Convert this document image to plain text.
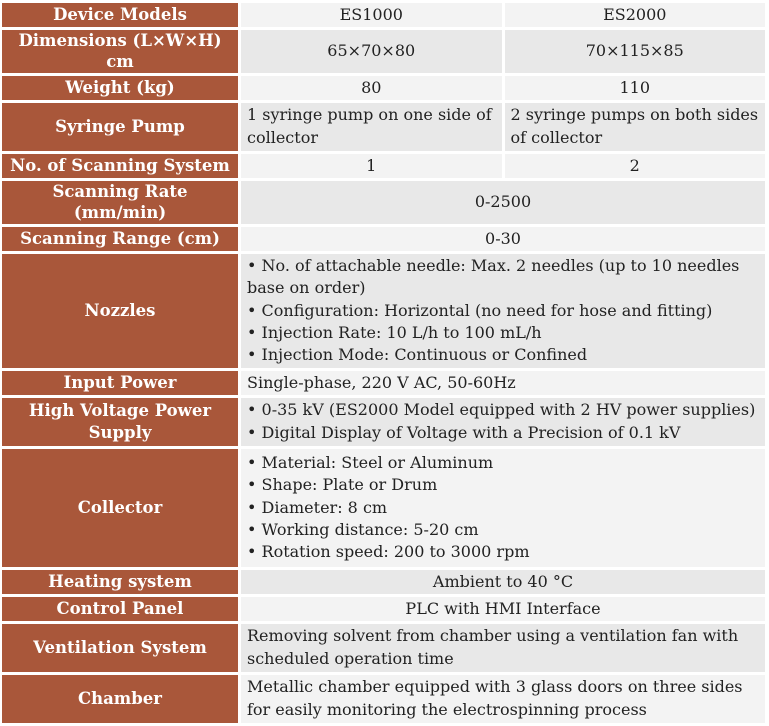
Device Models	ES1000	ES2000
Dimensions (L×W×H) cm	65×70×80	70×115×85
Weight (kg)	80	110
Syringe Pump	1 syringe pump on one side of collector	2 syringe pumps on both sides of collector
No. of Scanning System	1	2
Scanning Rate (mm/min)	0-2500	
Scanning Range (cm)	0-30	
Nozzles	• No. of attachable needle: Max. 2 needles (up to 10 needles base on order)
• Configuration: Horizontal (no need for hose and fitting)
• Injection Rate: 10 L/h to 100 mL/h
• Injection Mode: Continuous or Confined	

Input Power	Single-phase, 220 V AC, 50-60Hz	
High Voltage Power Supply	• 0-35 kV (ES2000 Model equipped with 2 HV power supplies)
• Digital Display of Voltage with a Precision of 0.1 kV	

Collector	• Material: Steel or Aluminum
• Shape: Plate or Drum
• Diameter: 8 cm
• Working distance: 5-20 cm
• Rotation speed: 200 to 3000 rpm	

Heating system	Ambient to 40 °C	
Control Panel	PLC with HMI Interface	
Ventilation System	Removing solvent from chamber using a ventilation fan with scheduled operation time	
Chamber	Metallic chamber equipped with 3 glass doors on three sides for easily monitoring the electrospinning process	
